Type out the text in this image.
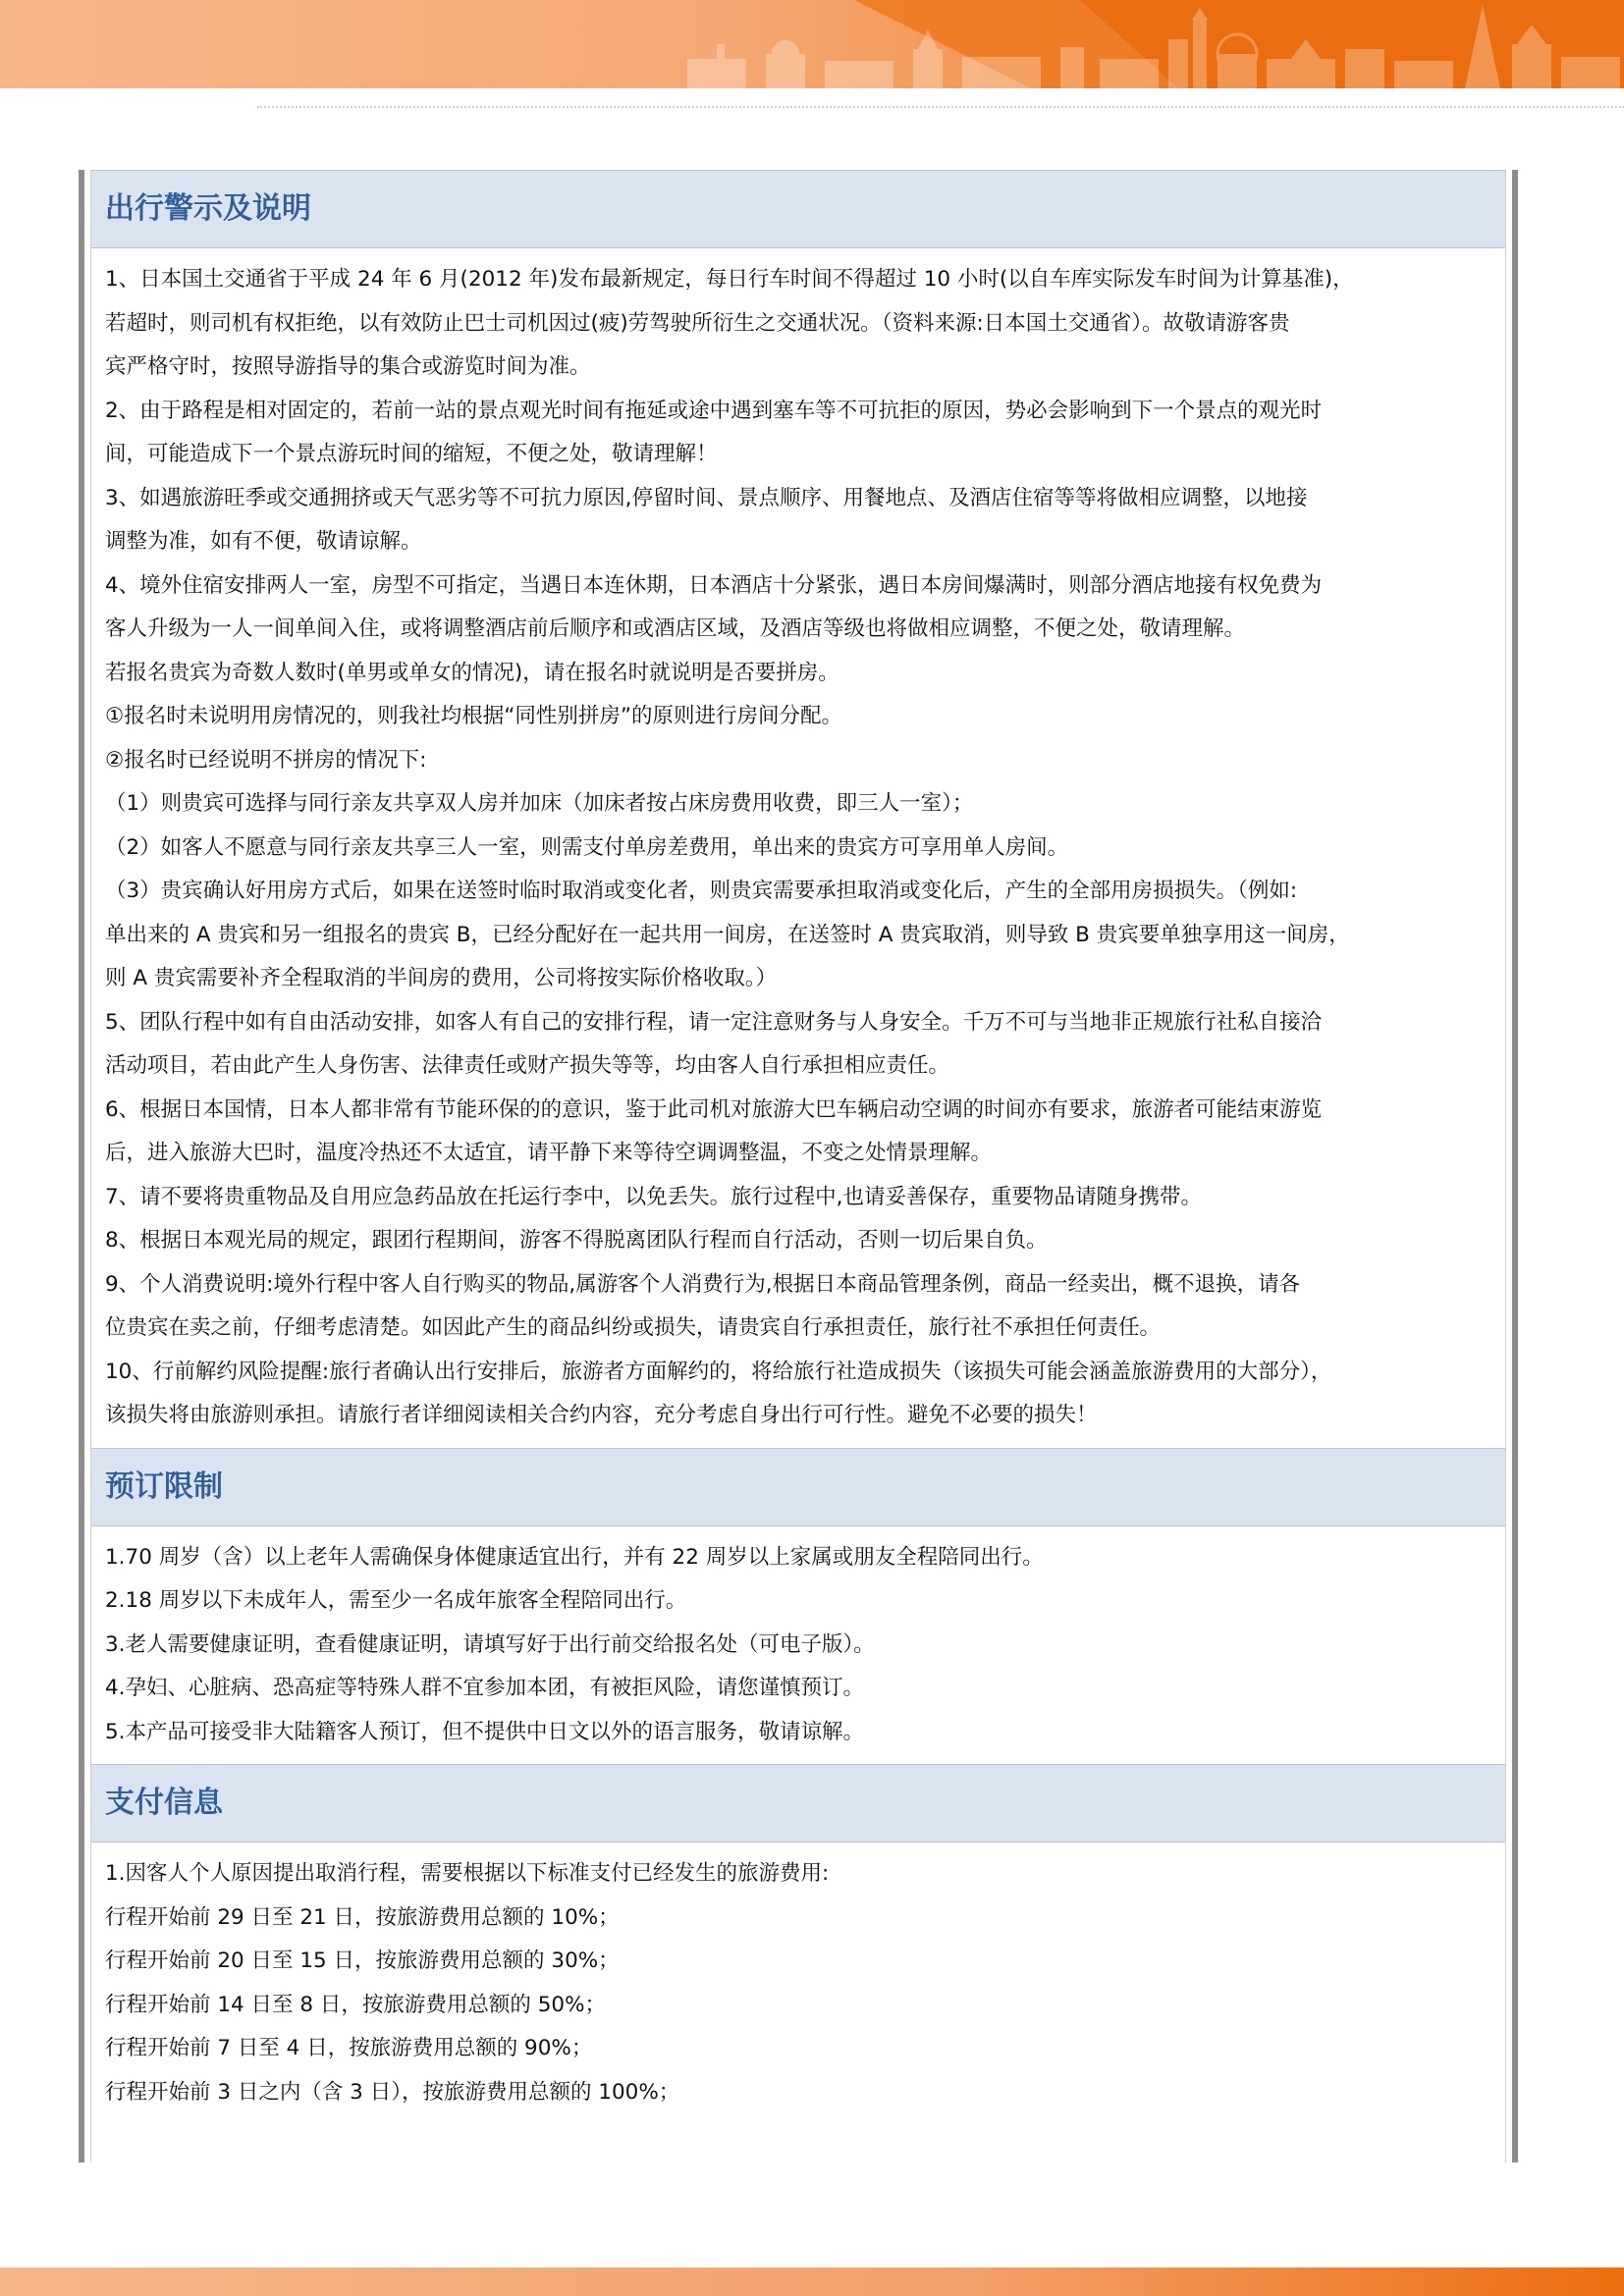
出行警示及说明

1、日本国土交通省于平成 24 年 6 月(2012 年)发布最新规定，每日行车时间不得超过 10 小时(以自车库实际发车时间为计算基准)，

若超时，则司机有权拒绝，以有效防止巴士司机因过(疲)劳驾驶所衍生之交通状况。（资料来源:日本国土交通省）。故敬请游客贵

宾严格守时，按照导游指导的集合或游览时间为准。

2、由于路程是相对固定的，若前一站的景点观光时间有拖延或途中遇到塞车等不可抗拒的原因，势必会影响到下一个景点的观光时

间，可能造成下一个景点游玩时间的缩短，不便之处，敬请理解！

3、如遇旅游旺季或交通拥挤或天气恶劣等不可抗力原因,停留时间、景点顺序、用餐地点、及酒店住宿等等将做相应调整，以地接

调整为准，如有不便，敬请谅解。

4、境外住宿安排两人一室，房型不可指定，当遇日本连休期，日本酒店十分紧张，遇日本房间爆满时，则部分酒店地接有权免费为

客人升级为一人一间单间入住，或将调整酒店前后顺序和或酒店区域，及酒店等级也将做相应调整，不便之处，敬请理解。

若报名贵宾为奇数人数时(单男或单女的情况)，请在报名时就说明是否要拼房。

①报名时未说明用房情况的，则我社均根据“同性别拼房”的原则进行房间分配。

②报名时已经说明不拼房的情况下:

（1）则贵宾可选择与同行亲友共享双人房并加床（加床者按占床房费用收费，即三人一室）；

（2）如客人不愿意与同行亲友共享三人一室，则需支付单房差费用，单出来的贵宾方可享用单人房间。

（3）贵宾确认好用房方式后，如果在送签时临时取消或变化者，则贵宾需要承担取消或变化后，产生的全部用房损损失。（例如:

单出来的 A 贵宾和另一组报名的贵宾 B，已经分配好在一起共用一间房，在送签时 A 贵宾取消，则导致 B 贵宾要单独享用这一间房，

则 A 贵宾需要补齐全程取消的半间房的费用，公司将按实际价格收取。）

5、团队行程中如有自由活动安排，如客人有自己的安排行程，请一定注意财务与人身安全。千万不可与当地非正规旅行社私自接洽

活动项目，若由此产生人身伤害、法律责任或财产损失等等，均由客人自行承担相应责任。

6、根据日本国情，日本人都非常有节能环保的的意识，鉴于此司机对旅游大巴车辆启动空调的时间亦有要求，旅游者可能结束游览

后，进入旅游大巴时，温度冷热还不太适宜，请平静下来等待空调调整温，不变之处情景理解。

7、请不要将贵重物品及自用应急药品放在托运行李中，以免丢失。旅行过程中,也请妥善保存，重要物品请随身携带。

8、根据日本观光局的规定，跟团行程期间，游客不得脱离团队行程而自行活动，否则一切后果自负。

9、个人消费说明:境外行程中客人自行购买的物品,属游客个人消费行为,根据日本商品管理条例，商品一经卖出，概不退换，请各

位贵宾在卖之前，仔细考虑清楚。如因此产生的商品纠纷或损失，请贵宾自行承担责任，旅行社不承担任何责任。

10、行前解约风险提醒:旅行者确认出行安排后，旅游者方面解约的，将给旅行社造成损失（该损失可能会涵盖旅游费用的大部分），

该损失将由旅游则承担。请旅行者详细阅读相关合约内容，充分考虑自身出行可行性。避免不必要的损失！

预订限制

1.70 周岁（含）以上老年人需确保身体健康适宜出行，并有 22 周岁以上家属或朋友全程陪同出行。

2.18 周岁以下未成年人，需至少一名成年旅客全程陪同出行。

3.老人需要健康证明，查看健康证明，请填写好于出行前交给报名处（可电子版）。

4.孕妇、心脏病、恐高症等特殊人群不宜参加本团，有被拒风险，请您谨慎预订。

5.本产品可接受非大陆籍客人预订，但不提供中日文以外的语言服务，敬请谅解。

支付信息

1.因客人个人原因提出取消行程，需要根据以下标准支付已经发生的旅游费用:

行程开始前 29 日至 21 日，按旅游费用总额的 10%；

行程开始前 20 日至 15 日，按旅游费用总额的 30%；

行程开始前 14 日至 8 日，按旅游费用总额的 50%；

行程开始前 7 日至 4 日，按旅游费用总额的 90%；

行程开始前 3 日之内（含 3 日），按旅游费用总额的 100%；
